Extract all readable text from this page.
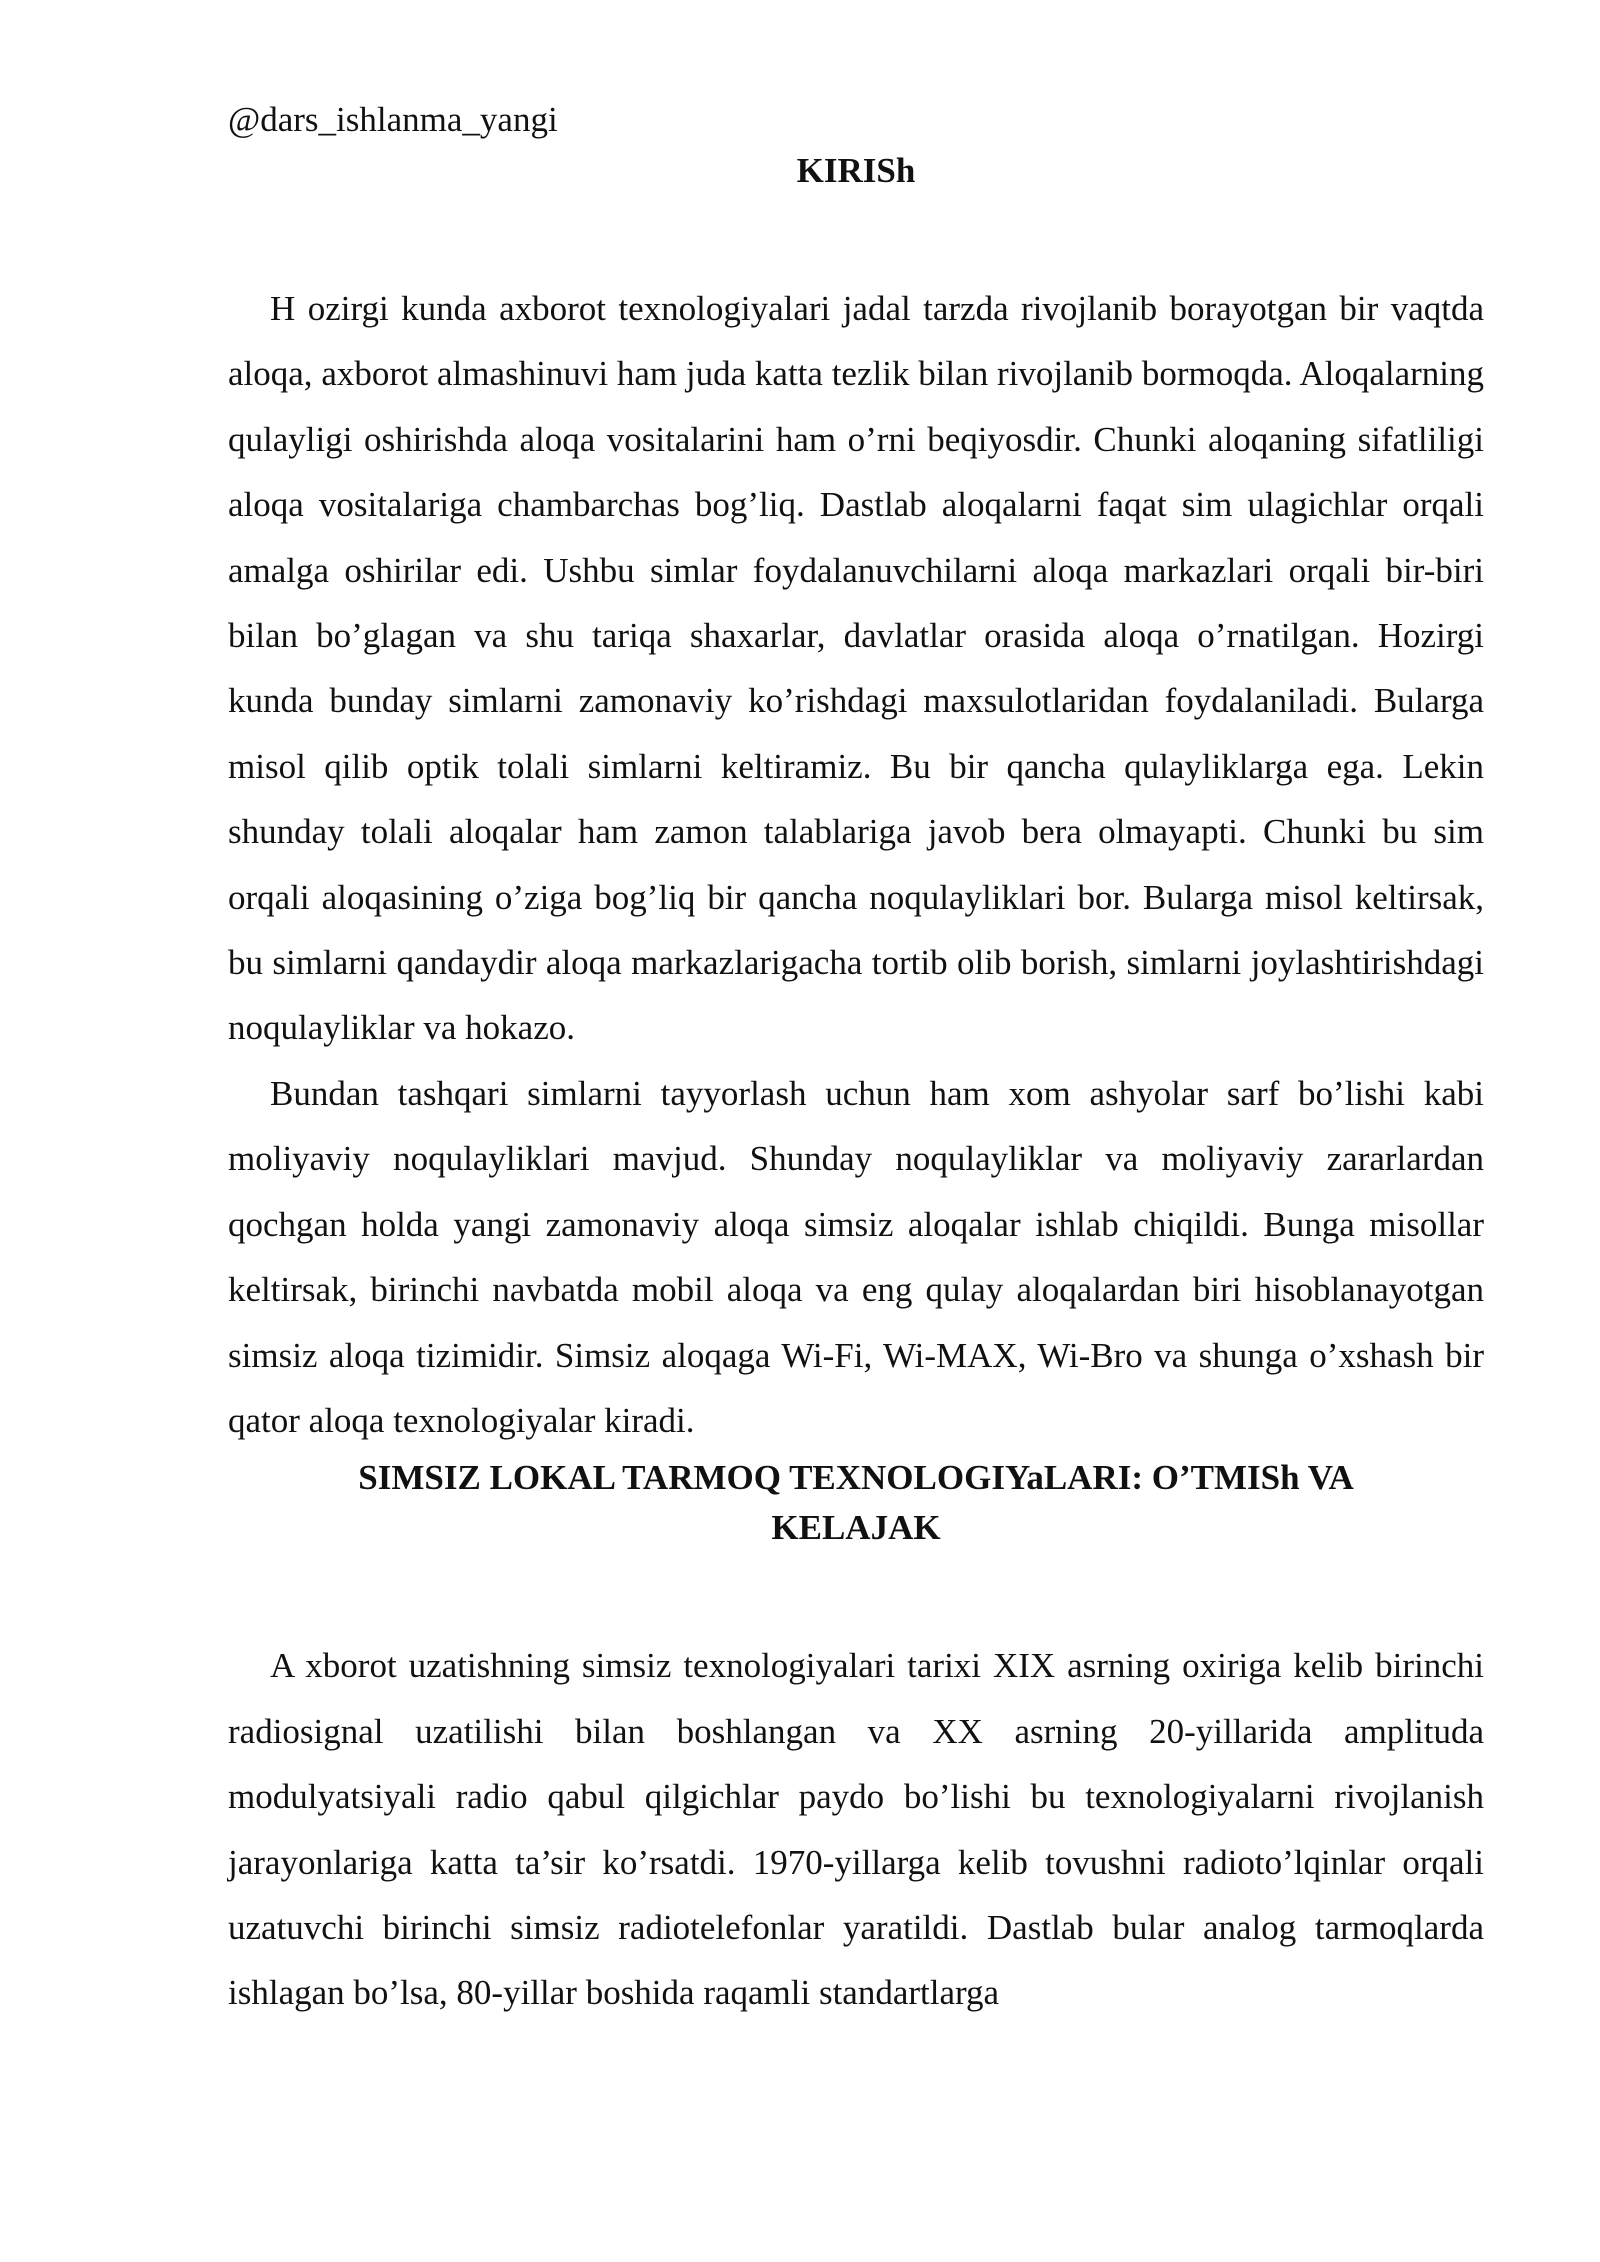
@dars_ishlanma_yangi

KIRISh

H ozirgi kunda axborot texnologiyalari jadal tarzda rivojlanib borayotgan bir vaqtda aloqa, axborot almashinuvi ham juda katta tezlik bilan rivojlanib bormoqda. Aloqalarning qulayligi oshirishda aloqa vositalarini ham o’rni beqiyosdir. Chunki aloqaning sifatliligi aloqa vositalariga chambarchas bog’liq. Dastlab aloqalarni faqat sim ulagichlar orqali amalga oshirilar edi. Ushbu simlar foydalanuvchilarni aloqa markazlari orqali bir-biri bilan bo’glagan va shu tariqa shaxarlar, davlatlar orasida aloqa o’rnatilgan. Hozirgi kunda bunday simlarni zamonaviy ko’rishdagi maxsulotlaridan foydalaniladi. Bularga misol qilib optik tolali simlarni keltiramiz. Bu bir qancha qulayliklarga ega. Lekin shunday tolali aloqalar ham zamon talablariga javob bera olmayapti. Chunki bu sim orqali aloqasining o’ziga bog’liq bir qancha noqulayliklari bor. Bularga misol keltirsak, bu simlarni qandaydir aloqa markazlarigacha tortib olib borish, simlarni joylashtirishdagi noqulayliklar va hokazo.

Bundan tashqari simlarni tayyorlash uchun ham xom ashyolar sarf bo’lishi kabi moliyaviy noqulayliklari mavjud. Shunday noqulayliklar va moliyaviy zararlardan qochgan holda yangi zamonaviy aloqa simsiz aloqalar ishlab chiqildi. Bunga misollar keltirsak, birinchi navbatda mobil aloqa va eng qulay aloqalardan biri hisoblanayotgan simsiz aloqa tizimidir. Simsiz aloqaga Wi-Fi, Wi-MAX, Wi-Bro va shunga o’xshash bir qator aloqa texnologiyalar kiradi.

SIMSIZ LOKAL TARMOQ TEXNOLOGIYaLARI: O’TMISh VA
KELAJAK

A xborot uzatishning simsiz texnologiyalari tarixi XIX asrning oxiriga kelib birinchi radiosignal uzatilishi bilan boshlangan va XX asrning 20-yillarida amplituda modulyatsiyali radio qabul qilgichlar paydo bo’lishi bu texnologiyalarni rivojlanish jarayonlariga katta ta’sir ko’rsatdi. 1970-yillarga kelib tovushni radioto’lqinlar orqali uzatuvchi birinchi simsiz radiotelefonlar yaratildi. Dastlab bular analog tarmoqlarda ishlagan bo’lsa, 80-yillar boshida raqamli standartlarga
